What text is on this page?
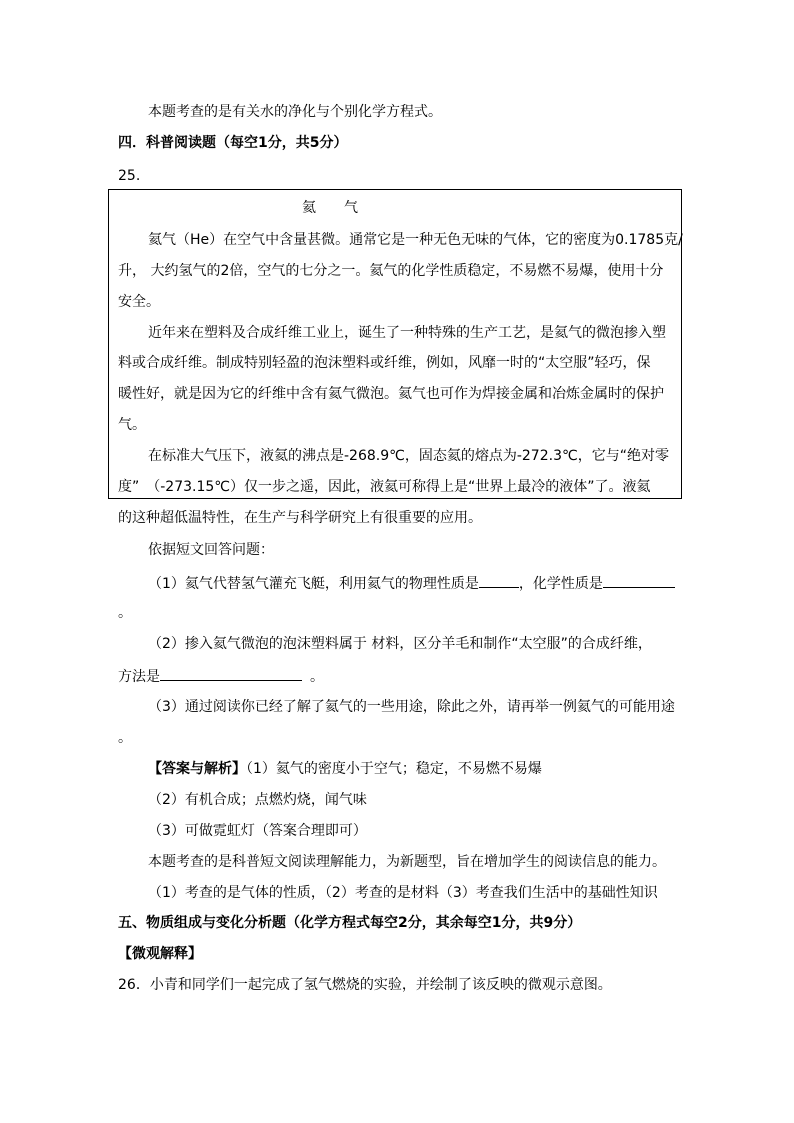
本题考查的是有关水的净化与个别化学方程式。
四．科普阅读题（每空1分，共5分）
25.
氦　　气
氦气（He）在空气中含量甚微。通常它是一种无色无味的气体，它的密度为0.1785克/
升， 大约氢气的2倍，空气的七分之一。氦气的化学性质稳定，不易燃不易爆，使用十分
安全。
近年来在塑料及合成纤维工业上，诞生了一种特殊的生产工艺，是氦气的微泡掺入塑
料或合成纤维。制成特别轻盈的泡沫塑料或纤维，例如，风靡一时的“太空服”轻巧，保
暖性好，就是因为它的纤维中含有氦气微泡。氦气也可作为焊接金属和冶炼金属时的保护
气。
在标准大气压下，液氦的沸点是-268.9℃，固态氦的熔点为-272.3℃，它与“绝对零
度”　（-273.15℃）仅一步之遥，因此，液氦可称得上是“世界上最冷的液体”了。液氦
的这种超低温特性，在生产与科学研究上有很重要的应用。
依据短文回答问题：
（1）氦气代替氢气灌充飞艇，利用氦气的物理性质是	，化学性质是
。
（2）掺入氦气微泡的泡沫塑料属于 材料，区分羊毛和制作“太空服”的合成纤维，
方法是	。
（3）通过阅读你已经了解了氦气的一些用途，除此之外，请再举一例氦气的可能用途
。
【答案与解析】（1）氦气的密度小于空气；稳定，不易燃不易爆
（2）有机合成；点燃灼烧，闻气味
（3）可做霓虹灯（答案合理即可）
本题考查的是科普短文阅读理解能力，为新题型，旨在增加学生的阅读信息的能力。
（1）考查的是气体的性质，（2）考查的是材料（3）考查我们生活中的基础性知识
五、物质组成与变化分析题（化学方程式每空2分，其余每空1分，共9分）
【微观解释】
26．小青和同学们一起完成了氢气燃烧的实验，并绘制了该反映的微观示意图。
